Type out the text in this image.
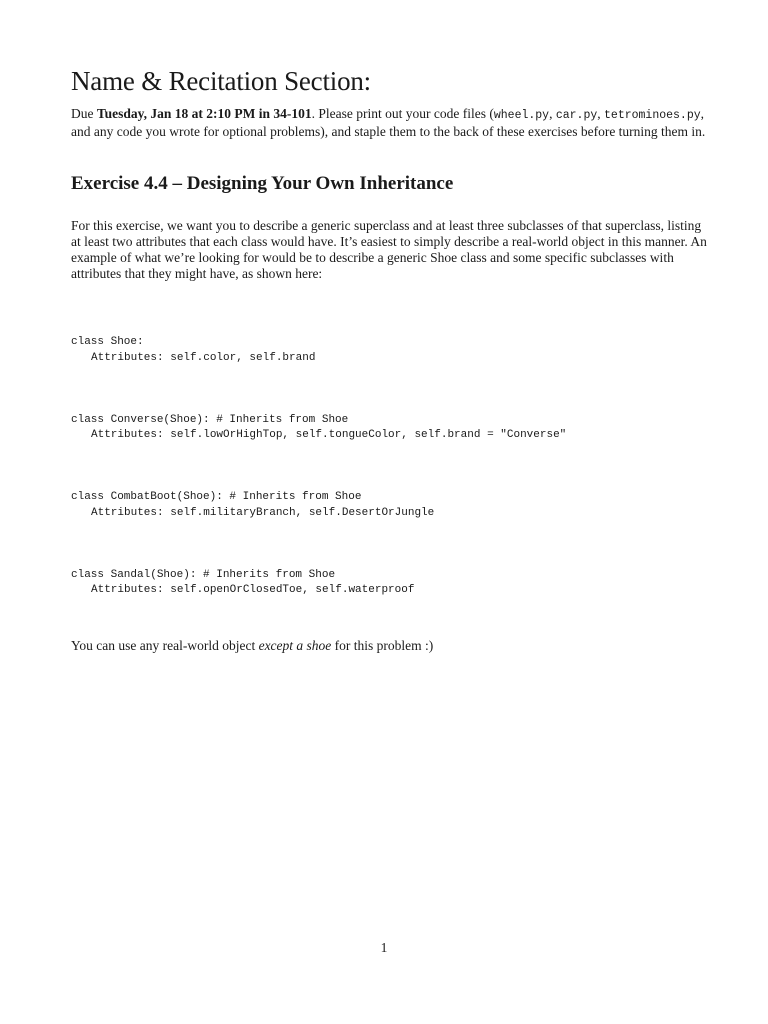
Name & Recitation Section:

Due Tuesday, Jan 18 at 2:10 PM in 34-101. Please print out your code files (wheel.py, car.py, tetrominoes.py, and any code you wrote for optional problems), and staple them to the back of these exercises before turning them in.

Exercise 4.4 – Designing Your Own Inheritance

For this exercise, we want you to describe a generic superclass and at least three subclasses of that superclass, listing at least two attributes that each class would have. It’s easiest to simply describe a real-world object in this manner. An example of what we’re looking for would be to describe a generic Shoe class and some specific subclasses with attributes that they might have, as shown here:

class Shoe:
Attributes: self.color, self.brand

class Converse(Shoe): # Inherits from Shoe
Attributes: self.lowOrHighTop, self.tongueColor, self.brand = "Converse"

class CombatBoot(Shoe): # Inherits from Shoe
Attributes: self.militaryBranch, self.DesertOrJungle

class Sandal(Shoe): # Inherits from Shoe
Attributes: self.openOrClosedToe, self.waterproof

You can use any real-world object except a shoe for this problem :)

1
